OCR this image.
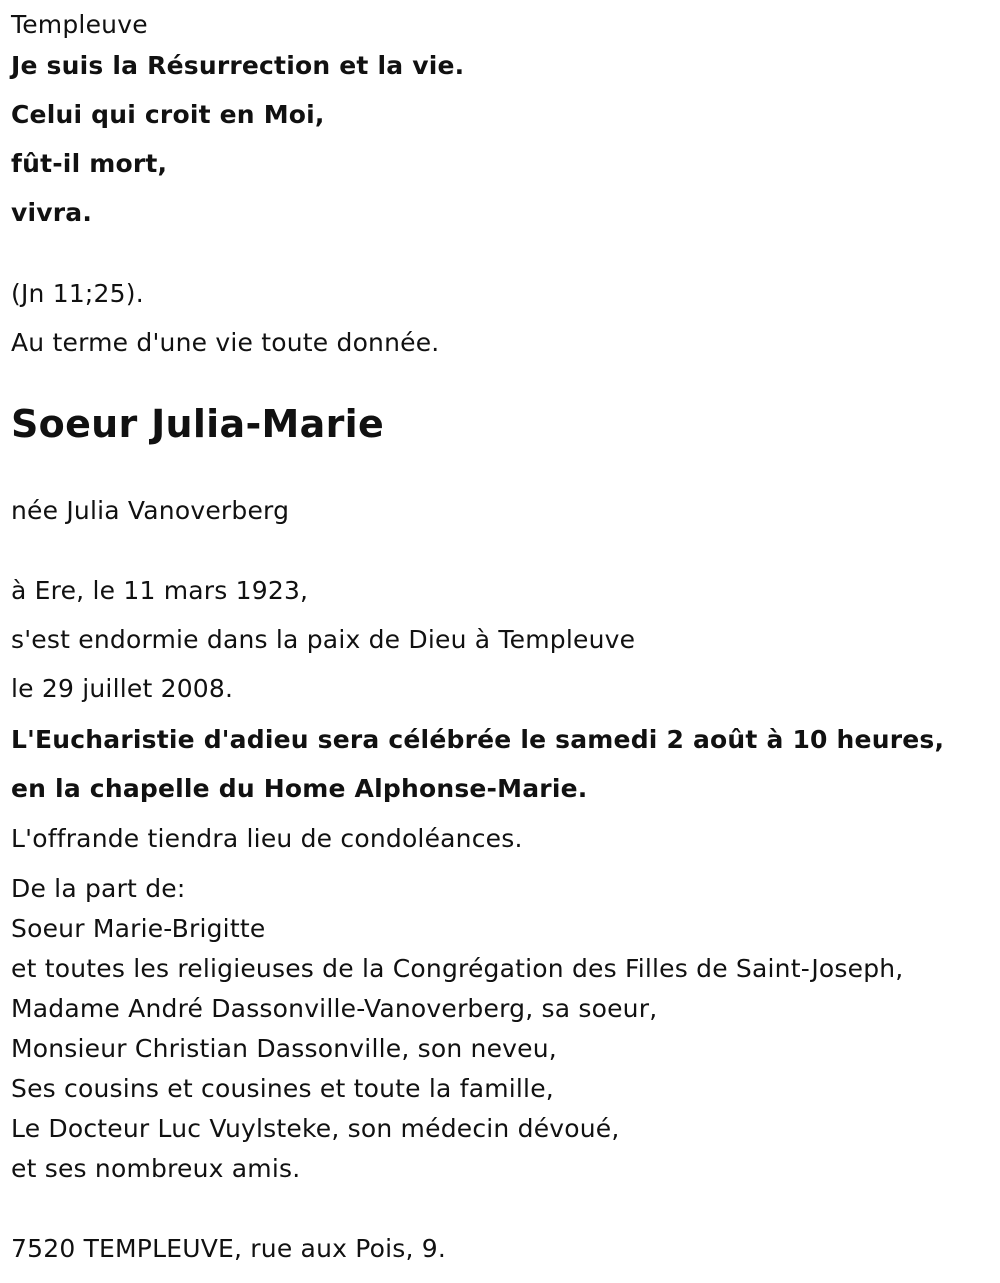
Templeuve
Je suis la Résurrection et la vie.
Celui qui croit en Moi,
fût-il mort,
vivra.
(Jn 11;25).
Au terme d'une vie toute donnée.
Soeur Julia-Marie
née Julia Vanoverberg
à Ere, le 11 mars 1923,
s'est endormie dans la paix de Dieu à Templeuve
le 29 juillet 2008.
L'Eucharistie d'adieu sera célébrée le samedi 2 août à 10 heures,
en la chapelle du Home Alphonse-Marie.
L'offrande tiendra lieu de condoléances.
De la part de:
Soeur Marie-Brigitte
et toutes les religieuses de la Congrégation des Filles de Saint-Joseph,
Madame André Dassonville-Vanoverberg, sa soeur,
Monsieur Christian Dassonville, son neveu,
Ses cousins et cousines et toute la famille,
Le Docteur Luc Vuylsteke, son médecin dévoué,
et ses nombreux amis.
7520 TEMPLEUVE, rue aux Pois, 9.
